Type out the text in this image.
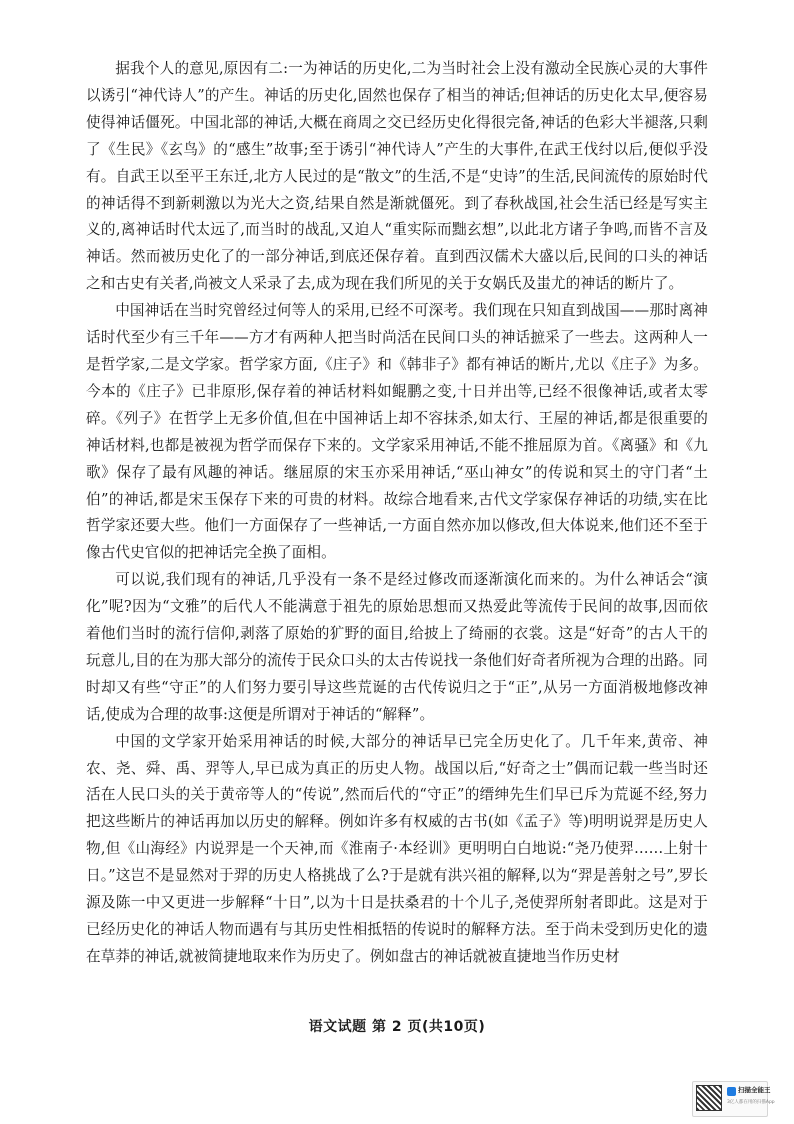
据我个人的意见,原因有二:一为神话的历史化,二为当时社会上没有激动全民族心灵的大事件以诱引“神代诗人”的产生。神话的历史化,固然也保存了相当的神话;但神话的历史化太早,便容易使得神话僵死。中国北部的神话,大概在商周之交已经历史化得很完备,神话的色彩大半褪落,只剩了《生民》《玄鸟》的“感生”故事;至于诱引“神代诗人”产生的大事件,在武王伐纣以后,便似乎没有。自武王以至平王东迁,北方人民过的是“散文”的生活,不是“史诗”的生活,民间流传的原始时代的神话得不到新刺激以为光大之资,结果自然是渐就僵死。到了春秋战国,社会生活已经是写实主义的,离神话时代太远了,而当时的战乱,又迫人“重实际而黜玄想”,以此北方诸子争鸣,而皆不言及神话。然而被历史化了的一部分神话,到底还保存着。直到西汉儒术大盛以后,民间的口头的神话之和古史有关者,尚被文人采录了去,成为现在我们所见的关于女娲氏及蚩尤的神话的断片了。

中国神话在当时究曾经过何等人的采用,已经不可深考。我们现在只知直到战国——那时离神话时代至少有三千年——方才有两种人把当时尚活在民间口头的神话摭采了一些去。这两种人一是哲学家,二是文学家。哲学家方面,《庄子》和《韩非子》都有神话的断片,尤以《庄子》为多。今本的《庄子》已非原形,保存着的神话材料如鲲鹏之变,十日并出等,已经不很像神话,或者太零碎。《列子》在哲学上无多价值,但在中国神话上却不容抹杀,如太行、王屋的神话,都是很重要的神话材料,也都是被视为哲学而保存下来的。文学家采用神话,不能不推屈原为首。《离骚》和《九歌》保存了最有风趣的神话。继屈原的宋玉亦采用神话,“巫山神女”的传说和冥土的守门者“土伯”的神话,都是宋玉保存下来的可贵的材料。故综合地看来,古代文学家保存神话的功绩,实在比哲学家还要大些。他们一方面保存了一些神话,一方面自然亦加以修改,但大体说来,他们还不至于像古代史官似的把神话完全换了面相。

可以说,我们现有的神话,几乎没有一条不是经过修改而逐渐演化而来的。为什么神话会“演化”呢?因为“文雅”的后代人不能满意于祖先的原始思想而又热爱此等流传于民间的故事,因而依着他们当时的流行信仰,剥落了原始的犷野的面目,给披上了绮丽的衣裳。这是“好奇”的古人干的玩意儿,目的在为那大部分的流传于民众口头的太古传说找一条他们好奇者所视为合理的出路。同时却又有些“守正”的人们努力要引导这些荒诞的古代传说归之于“正”,从另一方面消极地修改神话,使成为合理的故事:这便是所谓对于神话的“解释”。

中国的文学家开始采用神话的时候,大部分的神话早已完全历史化了。几千年来,黄帝、神农、尧、舜、禹、羿等人,早已成为真正的历史人物。战国以后,“好奇之士”偶而记载一些当时还活在人民口头的关于黄帝等人的“传说”,然而后代的“守正”的缙绅先生们早已斥为荒诞不经,努力把这些断片的神话再加以历史的解释。例如许多有权威的古书(如《孟子》等)明明说羿是历史人物,但《山海经》内说羿是一个天神,而《淮南子·本经训》更明明白白地说:“尧乃使羿……上射十日。”这岂不是显然对于羿的历史人格挑战了么?于是就有洪兴祖的解释,以为“羿是善射之号”,罗长源及陈一中又更进一步解释“十日”,以为十日是扶桑君的十个儿子,尧使羿所射者即此。这是对于已经历史化的神话人物而遇有与其历史性相抵牾的传说时的解释方法。至于尚未受到历史化的遗在草莽的神话,就被简捷地取来作为历史了。例如盘古的神话就被直捷地当作历史材

语文试题 第 2 页(共10页)
扫描全能王
3亿人都在用的扫描App
